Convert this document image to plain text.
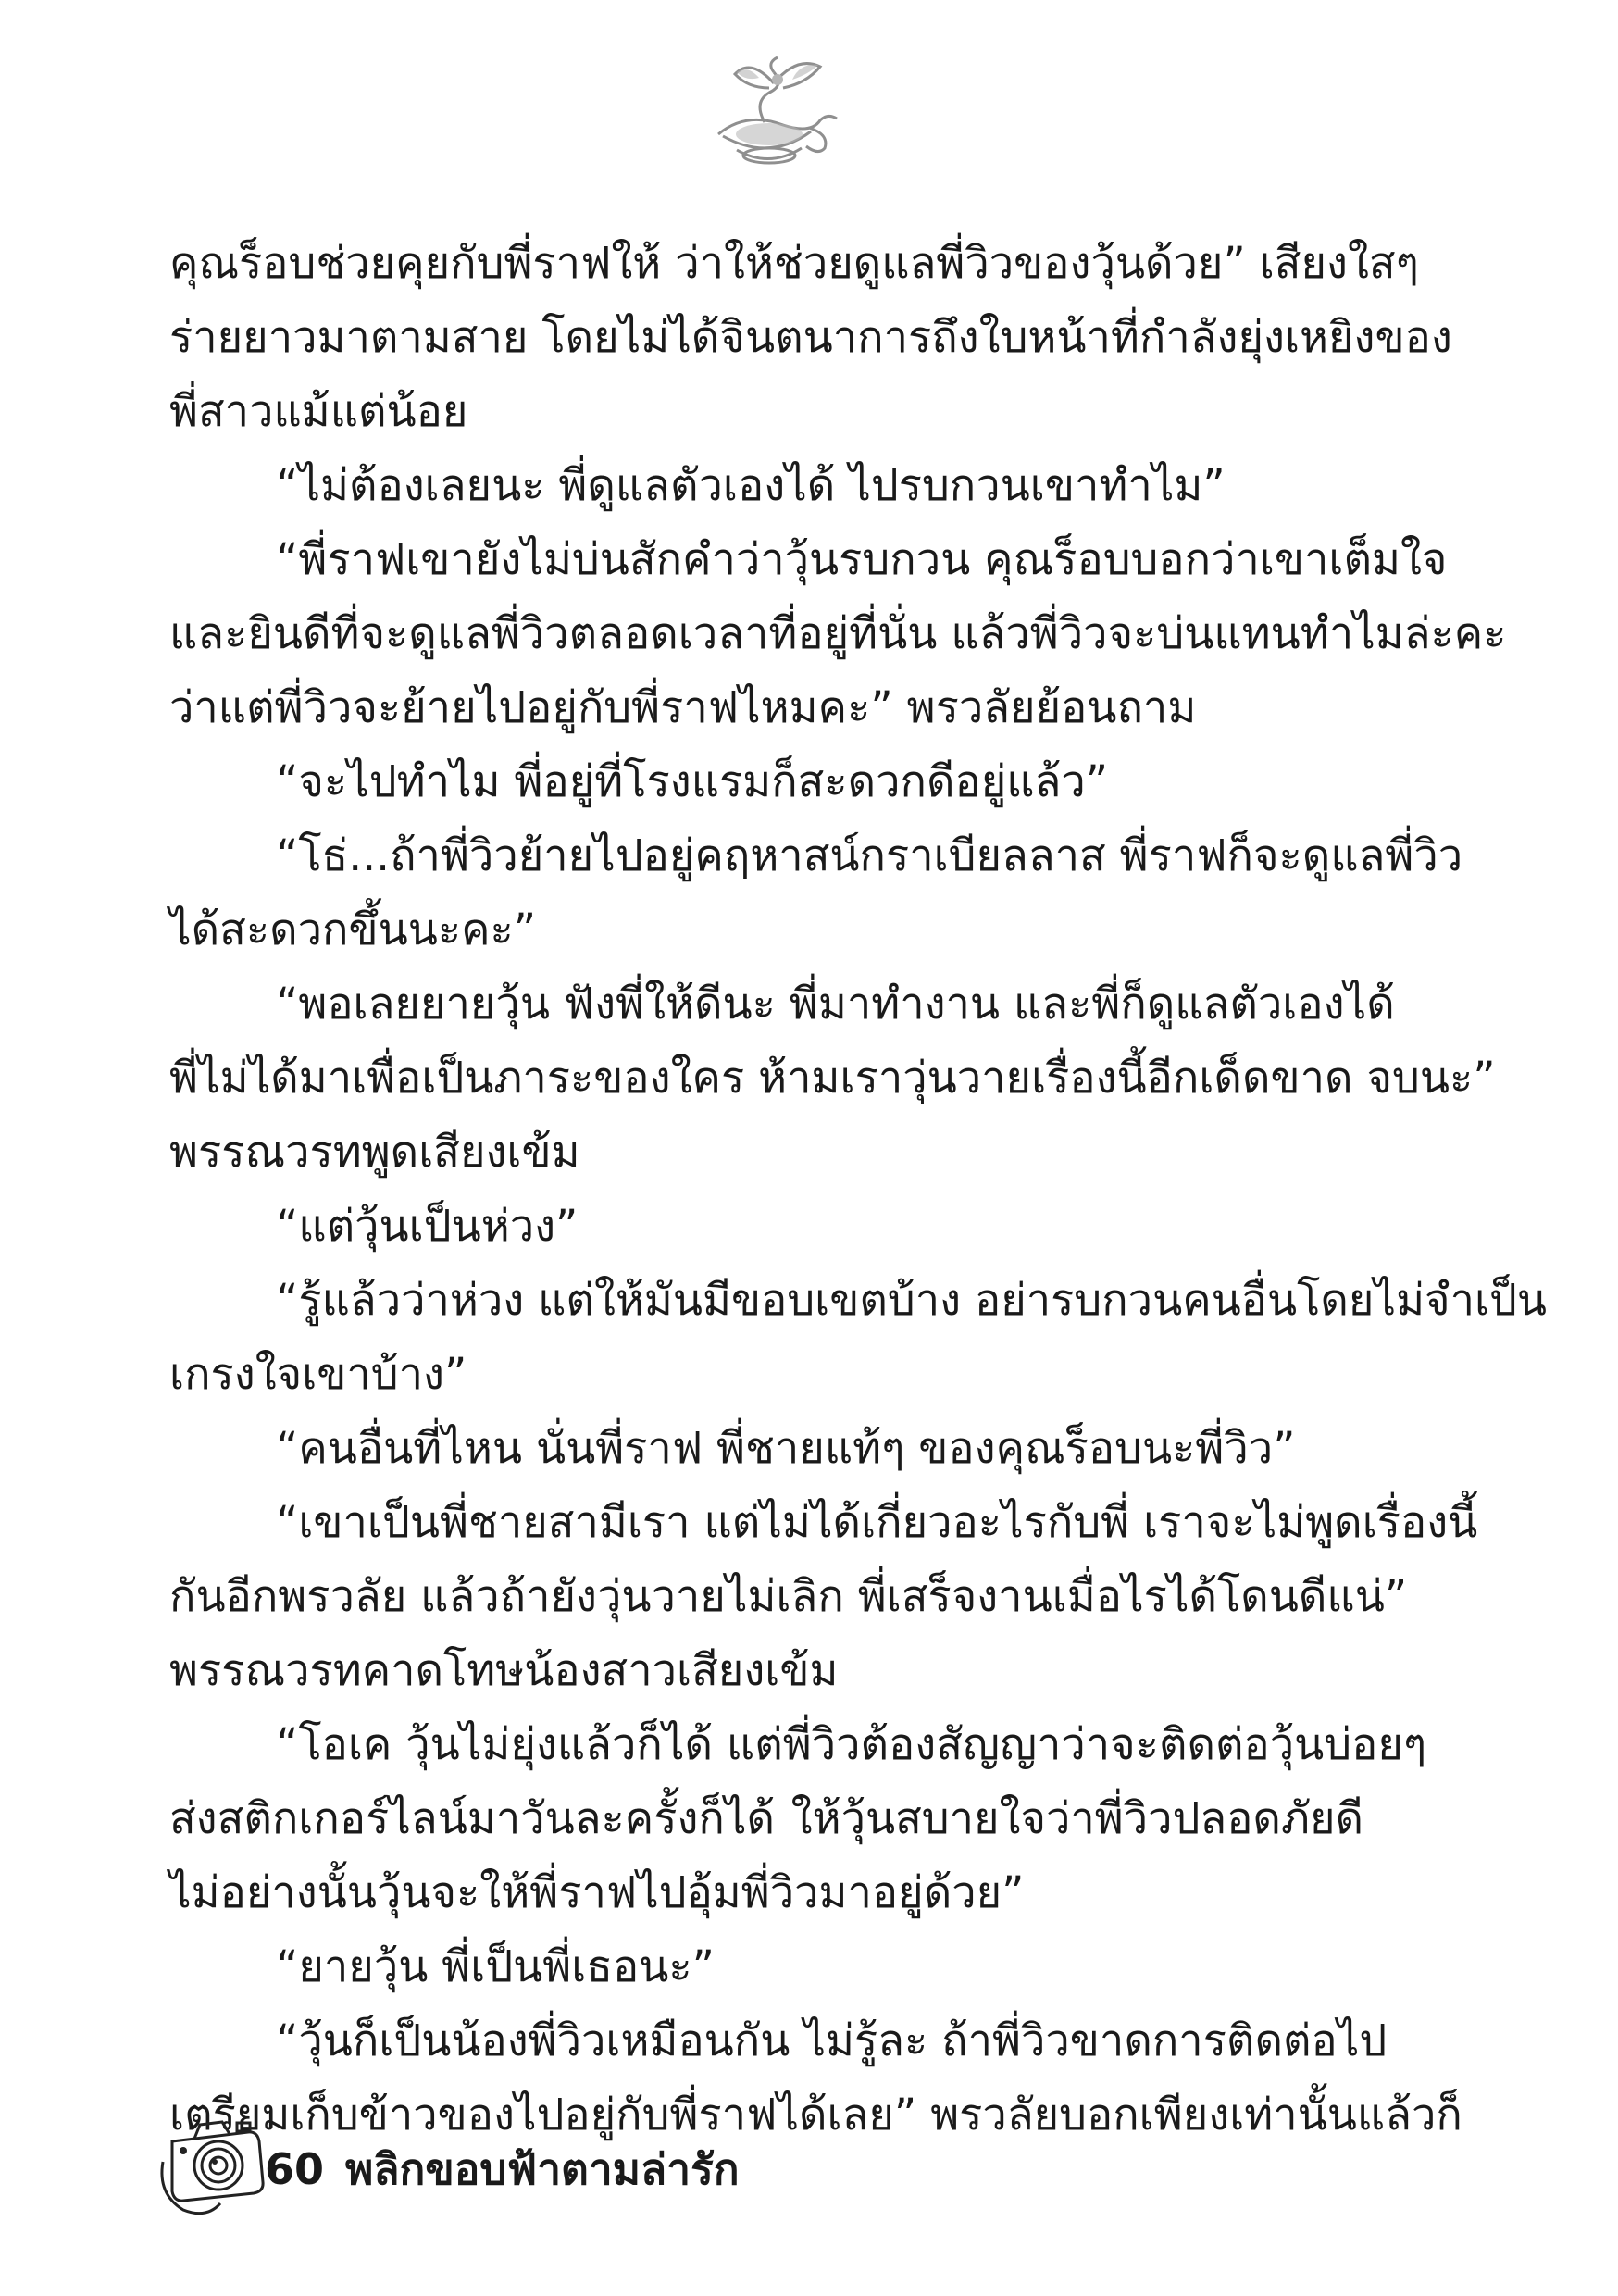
คุณร็อบช่วยคุยกับพี่ราฟให้ ว่าให้ช่วยดูแลพี่วิวของวุ้นด้วย” เสียงใสๆ
ร่ายยาวมาตามสาย โดยไม่ได้จินตนาการถึงใบหน้าที่กำลังยุ่งเหยิงของ
พี่สาวแม้แต่น้อย
“ไม่ต้องเลยนะ พี่ดูแลตัวเองได้ ไปรบกวนเขาทำไม”
“พี่ราฟเขายังไม่บ่นสักคำว่าวุ้นรบกวน คุณร็อบบอกว่าเขาเต็มใจ
และยินดีที่จะดูแลพี่วิวตลอดเวลาที่อยู่ที่นั่น แล้วพี่วิวจะบ่นแทนทำไมล่ะคะ
ว่าแต่พี่วิวจะย้ายไปอยู่กับพี่ราฟไหมคะ” พรวลัยย้อนถาม
“จะไปทำไม พี่อยู่ที่โรงแรมก็สะดวกดีอยู่แล้ว”
“โธ่...ถ้าพี่วิวย้ายไปอยู่คฤหาสน์กราเบียลลาส พี่ราฟก็จะดูแลพี่วิว
ได้สะดวกขึ้นนะคะ”
“พอเลยยายวุ้น ฟังพี่ให้ดีนะ พี่มาทำงาน และพี่ก็ดูแลตัวเองได้
พี่ไม่ได้มาเพื่อเป็นภาระของใคร ห้ามเราวุ่นวายเรื่องนี้อีกเด็ดขาด จบนะ”
พรรณวรทพูดเสียงเข้ม
“แต่วุ้นเป็นห่วง”
“รู้แล้วว่าห่วง แต่ให้มันมีขอบเขตบ้าง อย่ารบกวนคนอื่นโดยไม่จำเป็น
เกรงใจเขาบ้าง”
“คนอื่นที่ไหน นั่นพี่ราฟ พี่ชายแท้ๆ ของคุณร็อบนะพี่วิว”
“เขาเป็นพี่ชายสามีเรา แต่ไม่ได้เกี่ยวอะไรกับพี่ เราจะไม่พูดเรื่องนี้
กันอีกพรวลัย แล้วถ้ายังวุ่นวายไม่เลิก พี่เสร็จงานเมื่อไรได้โดนดีแน่”
พรรณวรทคาดโทษน้องสาวเสียงเข้ม
“โอเค วุ้นไม่ยุ่งแล้วก็ได้ แต่พี่วิวต้องสัญญาว่าจะติดต่อวุ้นบ่อยๆ
ส่งสติกเกอร์ไลน์มาวันละครั้งก็ได้ ให้วุ้นสบายใจว่าพี่วิวปลอดภัยดี
ไม่อย่างนั้นวุ้นจะให้พี่ราฟไปอุ้มพี่วิวมาอยู่ด้วย”
“ยายวุ้น พี่เป็นพี่เธอนะ”
“วุ้นก็เป็นน้องพี่วิวเหมือนกัน ไม่รู้ละ ถ้าพี่วิวขาดการติดต่อไป
เตรียมเก็บข้าวของไปอยู่กับพี่ราฟได้เลย” พรวลัยบอกเพียงเท่านั้นแล้วก็
60 พลิกขอบฟ้าตามล่ารัก
